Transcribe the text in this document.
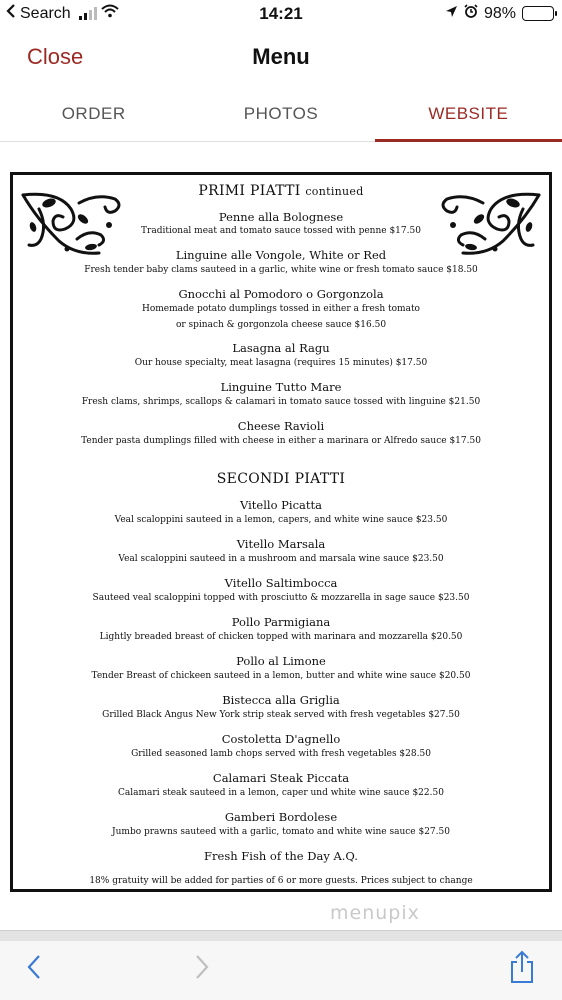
Search	14:21	98%
Close	Menu
ORDER	PHOTOS	WEBSITE
PRIMI PIATTI continued
Penne alla Bolognese
Traditional meat and tomato sauce tossed with penne $17.50
Linguine alle Vongole, White or Red
Fresh tender baby clams sauteed in a garlic, white wine or fresh tomato sauce $18.50
Gnocchi al Pomodoro o Gorgonzola
Homemade potato dumplings tossed in either a fresh tomato
or spinach & gorgonzola cheese sauce $16.50
Lasagna al Ragu
Our house specialty, meat lasagna (requires 15 minutes) $17.50
Linguine Tutto Mare
Fresh clams, shrimps, scallops & calamari in tomato sauce tossed with linguine $21.50
Cheese Ravioli
Tender pasta dumplings filled with cheese in either a marinara or Alfredo sauce $17.50
SECONDI PIATTI
Vitello Picatta
Veal scaloppini sauteed in a lemon, capers, and white wine sauce $23.50
Vitello Marsala
Veal scaloppini sauteed in a mushroom and marsala wine sauce $23.50
Vitello Saltimbocca
Sauteed veal scaloppini topped with prosciutto & mozzarella in sage sauce $23.50
Pollo Parmigiana
Lightly breaded breast of chicken topped with marinara and mozzarella $20.50
Pollo al Limone
Tender Breast of chickeen sauteed in a lemon, butter and white wine sauce $20.50
Bistecca alla Griglia
Grilled Black Angus New York strip steak served with fresh vegetables $27.50
Costoletta D'agnello
Grilled seasoned lamb chops served with fresh vegetables $28.50
Calamari Steak Piccata
Calamari steak sauteed in a lemon, caper und white wine sauce $22.50
Gamberi Bordolese
Jumbo prawns sauteed with a garlic, tomato and white wine sauce $27.50
Fresh Fish of the Day A.Q.
18% gratuity will be added for parties of 6 or more guests. Prices subject to change
menupix
